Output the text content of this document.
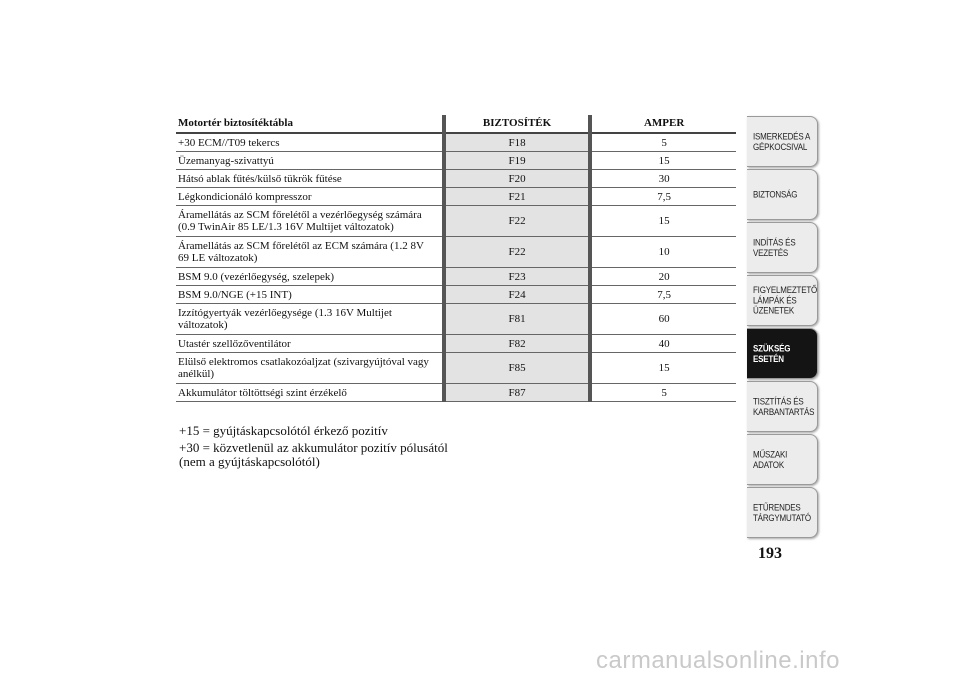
Motortér biztosítéktábla	BIZTOSÍTÉK	AMPER
+30 ECM//T09 tekercs	F18	5
Üzemanyag-szivattyú	F19	15
Hátsó ablak fűtés/külső tükrök fűtése	F20	30
Légkondicionáló kompresszor	F21	7,5
Áramellátás az SCM főrelétől a vezérlőegység számára (0.9 TwinAir 85 LE/1.3 16V Multijet változatok)	F22	15
Áramellátás az SCM főrelétől az ECM számára (1.2 8V 69 LE változatok)	F22	10
BSM 9.0 (vezérlőegység, szelepek)	F23	20
BSM 9.0/NGE (+15 INT)	F24	7,5
Izzítógyertyák vezérlőegysége (1.3 16V Multijet változatok)	F81	60
Utastér szellőzőventilátor	F82	40
Elülső elektromos csatlakozóaljzat (szivargyújtóval vagy anélkül)	F85	15
Akkumulátor töltöttségi szint érzékelő	F87	5

+15 = gyújtáskapcsolótól érkező pozitív

+30 = közvetlenül az akkumulátor pozitív pólusától (nem a gyújtáskapcsolótól)

ISMERKEDÉS A
GÉPKOCSIVAL
BIZTONSÁG
INDÍTÁS ÉS
VEZETÉS
FIGYELMEZTETŐ
LÁMPÁK ÉS
ÜZENETEK
SZÜKSÉG ESETÉN
TISZTÍTÁS ÉS
KARBANTARTÁS
MŰSZAKI ADATOK
ETŰRENDES
TÁRGYMUTATÓ
193
carmanualsonline.info
